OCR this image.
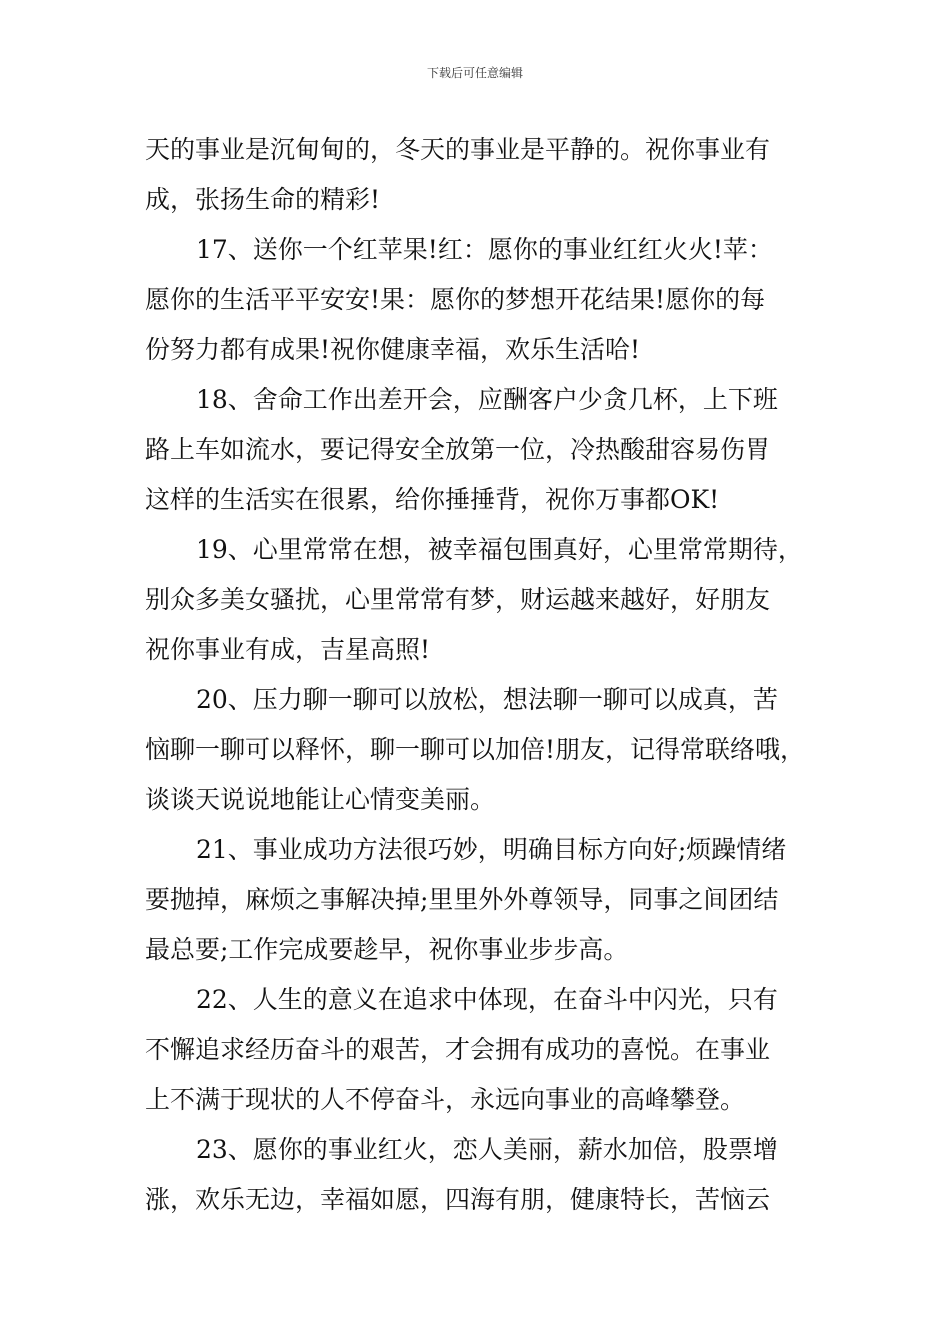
下载后可任意编辑
天的事业是沉甸甸的，冬天的事业是平静的。祝你事业有
成，张扬生命的精彩!
17、送你一个红苹果!红：愿你的事业红红火火!苹：
愿你的生活平平安安!果：愿你的梦想开花结果!愿你的每
份努力都有成果!祝你健康幸福，欢乐生活哈!
18、舍命工作出差开会，应酬客户少贪几杯，上下班
路上车如流水，要记得安全放第一位，冷热酸甜容易伤胃
这样的生活实在很累，给你捶捶背，祝你万事都OK!
19、心里常常在想，被幸福包围真好，心里常常期待，
别众多美女骚扰，心里常常有梦，财运越来越好，好朋友
祝你事业有成，吉星高照!
20、压力聊一聊可以放松，想法聊一聊可以成真，苦
恼聊一聊可以释怀，聊一聊可以加倍!朋友，记得常联络哦，
谈谈天说说地能让心情变美丽。
21、事业成功方法很巧妙，明确目标方向好;烦躁情绪
要抛掉，麻烦之事解决掉;里里外外尊领导，同事之间团结
最总要;工作完成要趁早，祝你事业步步高。
22、人生的意义在追求中体现，在奋斗中闪光，只有
不懈追求经历奋斗的艰苦，才会拥有成功的喜悦。在事业
上不满于现状的人不停奋斗，永远向事业的高峰攀登。
23、愿你的事业红火，恋人美丽，薪水加倍，股票增
涨，欢乐无边，幸福如愿，四海有朋，健康特长，苦恼云
